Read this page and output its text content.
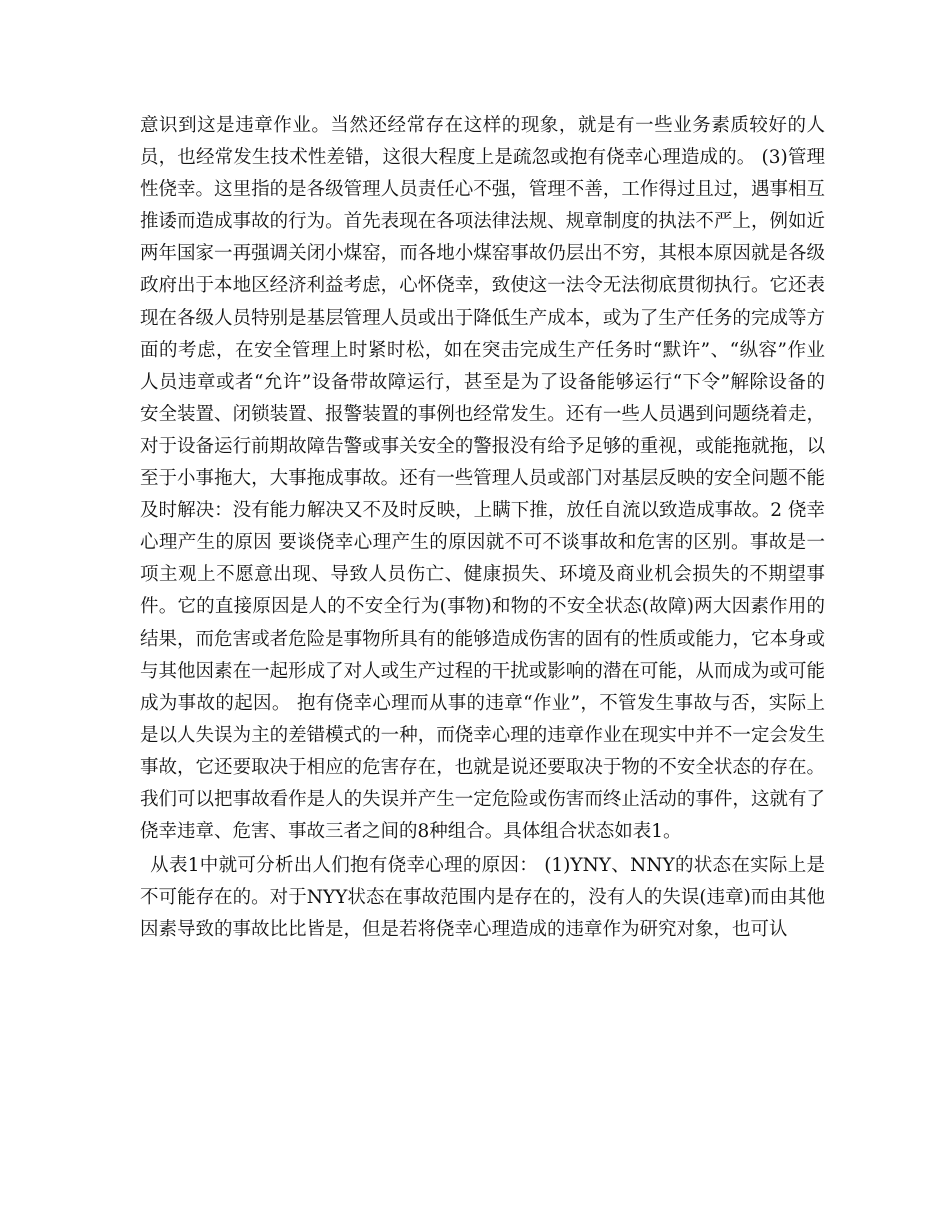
意识到这是违章作业。当然还经常存在这样的现象，就是有一些业务素质较好的人员，也经常发生技术性差错，这很大程度上是疏忽或抱有侥幸心理造成的。 (3)管理性侥幸。这里指的是各级管理人员责任心不强，管理不善，工作得过且过，遇事相互推诿而造成事故的行为。首先表现在各项法律法规、规章制度的执法不严上，例如近两年国家一再强调关闭小煤窑，而各地小煤窑事故仍层出不穷，其根本原因就是各级政府出于本地区经济利益考虑，心怀侥幸，致使这一法令无法彻底贯彻执行。它还表现在各级人员特别是基层管理人员或出于降低生产成本，或为了生产任务的完成等方面的考虑，在安全管理上时紧时松，如在突击完成生产任务时“默许”、“纵容”作业人员违章或者“允许”设备带故障运行，甚至是为了设备能够运行“下令”解除设备的安全装置、闭锁装置、报警装置的事例也经常发生。还有一些人员遇到问题绕着走，对于设备运行前期故障告警或事关安全的警报没有给予足够的重视，或能拖就拖，以至于小事拖大，大事拖成事故。还有一些管理人员或部门对基层反映的安全问题不能及时解决：没有能力解决又不及时反映，上瞒下推，放任自流以致造成事故。2 侥幸心理产生的原因 要谈侥幸心理产生的原因就不可不谈事故和危害的区别。事故是一项主观上不愿意出现、导致人员伤亡、健康损失、环境及商业机会损失的不期望事件。它的直接原因是人的不安全行为(事物)和物的不安全状态(故障)两大因素作用的结果，而危害或者危险是事物所具有的能够造成伤害的固有的性质或能力，它本身或与其他因素在一起形成了对人或生产过程的干扰或影响的潜在可能，从而成为或可能成为事故的起因。 抱有侥幸心理而从事的违章“作业”，不管发生事故与否，实际上是以人失误为主的差错模式的一种，而侥幸心理的违章作业在现实中并不一定会发生事故，它还要取决于相应的危害存在，也就是说还要取决于物的不安全状态的存在。我们可以把事故看作是人的失误并产生一定危险或伤害而终止活动的事件，这就有了侥幸违章、危害、事故三者之间的8种组合。具体组合状态如表1。

从表1中就可分析出人们抱有侥幸心理的原因： (1)YNY、NNY的状态在实际上是不可能存在的。对于NYY状态在事故范围内是存在的，没有人的失误(违章)而由其他因素导致的事故比比皆是，但是若将侥幸心理造成的违章作为研究对象，也可认
